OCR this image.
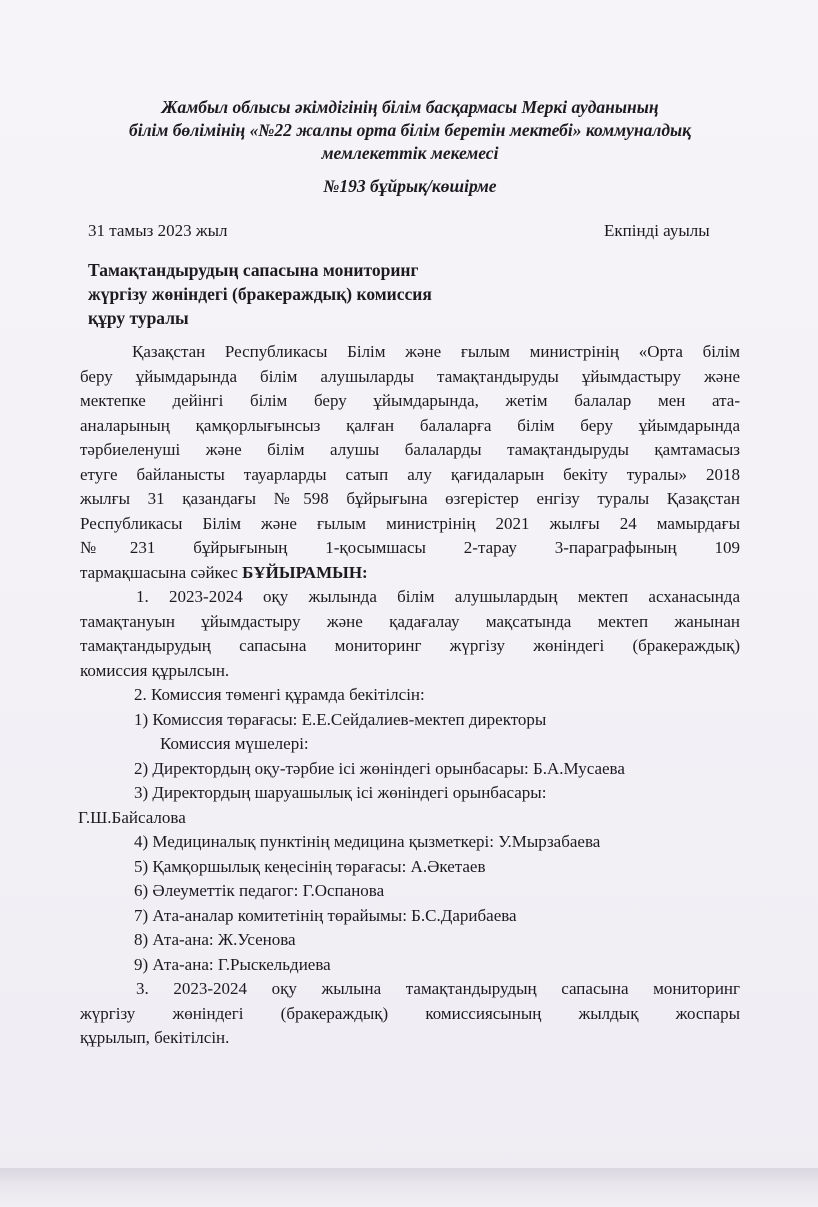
Жамбыл облысы әкімдігінің білім басқармасы Меркі ауданының
білім бөлімінің «№22 жалпы орта білім беретін мектебі» коммуналдық
мемлекеттік мекемесі
№193 бұйрық/көшірме
31 тамыз 2023 жыл	Екпінді ауылы
Тамақтандырудың сапасына мониторинг
жүргізу жөніндегі (бракераждық) комиссия
құру туралы
Қазақстан Республикасы Білім және ғылым министрінің «Орта білім
беру ұйымдарында білім алушыларды тамақтандыруды ұйымдастыру және
мектепке дейінгі білім беру ұйымдарында, жетім балалар мен ата-
аналарының қамқорлығынсыз қалған балаларға білім беру ұйымдарында
тәрбиеленуші және білім алушы балаларды тамақтандыруды қамтамасыз
етуге байланысты тауарларды сатып алу қағидаларын бекіту туралы» 2018
жылғы 31 қазандағы №598 бұйрығына өзгерістер енгізу туралы Қазақстан
Республикасы Білім және ғылым министрінің 2021 жылғы 24 мамырдағы
№231 бұйрығының 1-қосымшасы 2-тарау 3-параграфының 109
тармақшасына сәйкес БҰЙЫРАМЫН:
1. 2023-2024 оқу жылында білім алушылардың мектеп асханасында
тамақтануын ұйымдастыру және қадағалау мақсатында мектеп жанынан
тамақтандырудың сапасына мониторинг жүргізу жөніндегі (бракераждық)
комиссия құрылсын.
2. Комиссия төменгі құрамда бекітілсін:
1) Комиссия төрағасы: Е.Е.Сейдалиев-мектеп директоры
Комиссия мүшелері:
2) Директордың оқу-тәрбие ісі жөніндегі орынбасары: Б.А.Мусаева
3) Директордың шаруашылық ісі жөніндегі орынбасары:
Г.Ш.Байсалова
4) Медициналық пунктінің медицина қызметкері: У.Мырзабаева
5) Қамқоршылық кеңесінің төрағасы: А.Әкетаев
6) Әлеуметтік педагог: Г.Оспанова
7) Ата-аналар комитетінің төрайымы: Б.С.Дарибаева
8) Ата-ана: Ж.Усенова
9) Ата-ана: Г.Рыскельдиева
3. 2023-2024 оқу жылына тамақтандырудың сапасына мониторинг
жүргізу жөніндегі (бракераждық) комиссиясының жылдық жоспары
құрылып, бекітілсін.
